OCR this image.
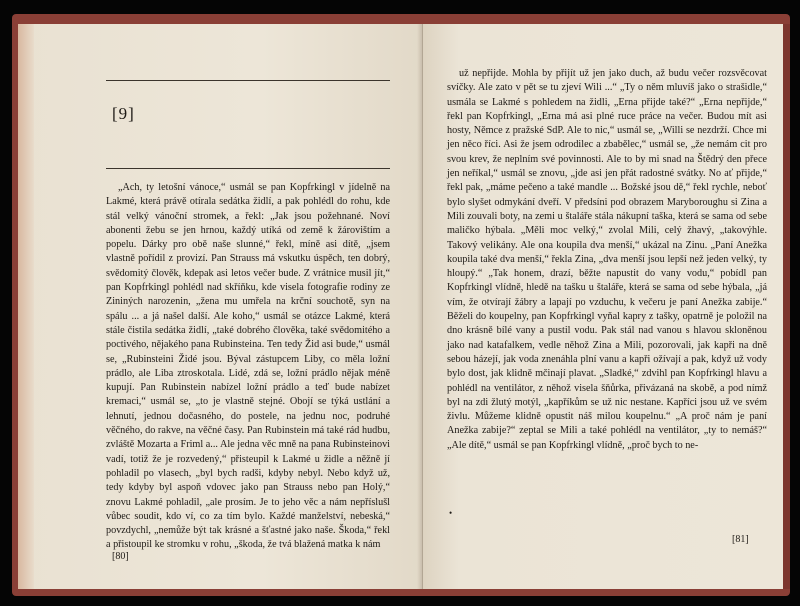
[9]
„Ach, ty letošní vánoce,“ usmál se pan Kopfrkingl v jídelně na Lakmé, která právě otírala sedátka židlí, a pak pohlédl do rohu, kde stál velký vánoční stromek, a řekl: „Jak jsou požehnané. Noví abonenti žebu se jen hrnou, každý utíká od země k žárovištím a popelu. Dárky pro obě naše slunné,“ řekl, míně asi dítě, „jsem vlastně pořídil z provizí. Pan Strauss má vskutku úspěch, ten dobrý, svědomitý člověk, kdepak asi letos večer bude. Z vrátnice musil jít,“ pan Kopfrkingl pohlédl nad skříňku, kde visela fotografie rodiny ze Zininých narozenin, „žena mu umřela na krční souchotě, syn na spálu ... a já našel další. Ale koho,“ usmál se otázce Lakmé, která stále čistila sedátka židlí, „také dobrého člověka, také svědomitého a poctivého, nějakého pana Rubinsteina. Ten tedy Žid asi bude,“ usmál se, „Rubinsteini Židé jsou. Býval zástupcem Liby, co měla ložní prádlo, ale Liba ztroskotala. Lidé, zdá se, ložní prádlo nějak méně kupují. Pan Rubinstein nabízel ložní prádlo a teď bude nabízet kremaci,“ usmál se, „to je vlastně stejné. Obojí se týká ustlání a lehnutí, jednou dočasného, do postele, na jednu noc, podruhé věčného, do rakve, na věčné časy. Pan Rubinstein má také rád hudbu, zvláště Mozarta a Friml a... Ale jedna věc mně na pana Rubinsteinovi vadí, totiž že je rozvedený,“ přisteupil k Lakmé u židle a něžně jí pohladil po vlasech, „byl bych radši, kdyby nebyl. Nebo když už, tedy kdyby byl aspoň vdovec jako pan Strauss nebo pan Holý,“ znovu Lakmé pohladil, „ale prosím. Je to jeho věc a nám nepříslušl vůbec soudit, kdo ví, co za tím bylo. Každé manželství, nebeská,“ povzdychl, „nemůže být tak krásné a šťastné jako naše. Škoda,“ řekl a přistoupil ke stromku v rohu, „škoda, že tvá blažená matka k nám
[80]
už nepřijde. Mohla by přijít už jen jako duch, až budu večer rozsvěcovat svíčky. Ale zato v pět se tu zjeví Wili ...“ „Ty o něm mluvíš jako o strašidle,“ usmála se Lakmé s pohledem na židli, „Erna přijde také?“ „Erna nepřijde,“ řekl pan Kopfrkingl, „Erna má asi plné ruce práce na večer. Budou mít asi hosty, Němce z pražské SdP. Ale to nic,“ usmál se, „Willi se nezdrží. Chce mi jen něco říci. Asi že jsem odrodilec a zbabělec,“ usmál se, „že nemám cit pro svou krev, že neplním své povinnosti. Ale to by mi snad na Štědrý den přece jen neříkal,“ usmál se znovu, „jde asi jen přát radostné svátky. No ať přijde,“ řekl pak, „máme pečeno a také mandle ... Božské jsou dě,“ řekl rychle, neboť bylo slyšet odmykání dveří. V předsíni pod obrazem Maryboroughu si Zina a Mili zouvali boty, na zemi u štaláře stála nákupní taška, která se sama od sebe maličko hýbala. „Měli moc velký,“ zvolal Mili, celý žhavý, „takovýhle. Takový velikány. Ale ona koupila dva menší,“ ukázal na Zinu. „Paní Anežka koupila také dva menší,“ řekla Zina, „dva menší jsou lepší než jeden velký, ty hloupý.“ „Tak honem, drazí, běžte napustit do vany vodu,“ pobídl pan Kopfrkingl vlídně, hledě na tašku u štaláře, která se sama od sebe hýbala, „já vím, že otvírají žábry a lapají po vzduchu, k večeru je paní Anežka zabije.“ Běželi do koupelny, pan Kopfrkingl vyňal kapry z tašky, opatrně je položil na dno krásně bílé vany a pustil vodu. Pak stál nad vanou s hlavou skloněnou jako nad katafalkem, vedle něhož Zina a Mili, pozorovali, jak kapři na dně sebou házejí, jak voda znenáhla plní vanu a kapři ožívají a pak, když už vody bylo dost, jak klidně mčinají plavat. „Sladké,“ zdvihl pan Kopfrkingl hlavu a pohlédl na ventilátor, z něhož visela šňůrka, přivázaná na skobě, a pod nímž byl na zdi žlutý motýl, „kapříkům se už nic nestane. Kapříci jsou už ve svém živlu. Můžeme klidně opustit náš milou koupelnu.“ „A proč nám je paní Anežka zabije?“ zeptal se Mili a také pohlédl na ventilátor, „ty to nemáš?“ „Ale dítě,“ usmál se pan Kopfrkingl vlídně, „proč bych to ne-
•
[81]
